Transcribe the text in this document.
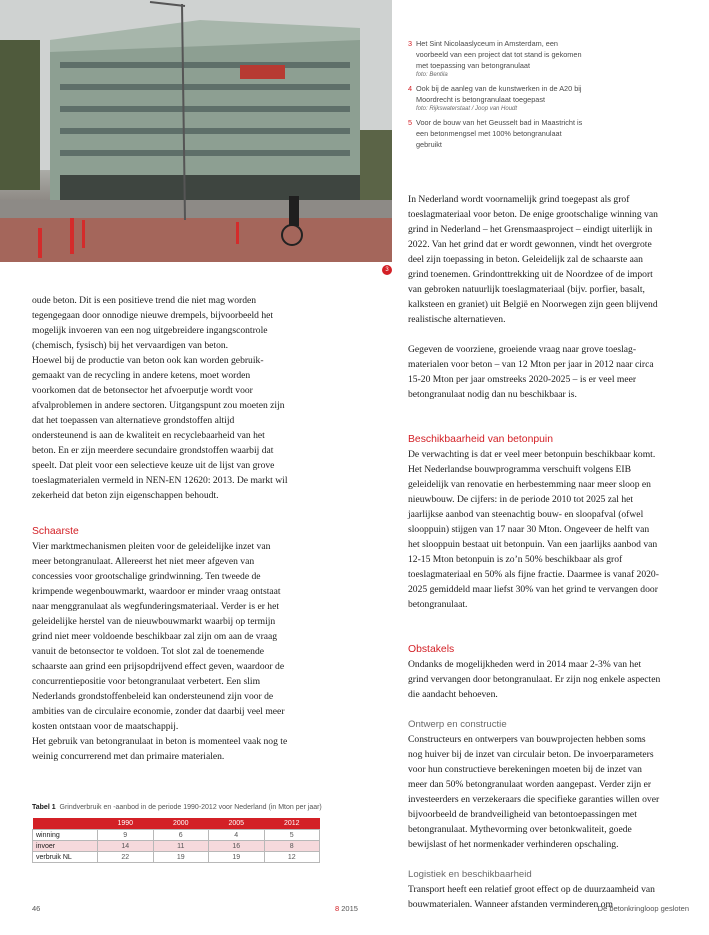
3
3 Het Sint Nicolaaslyceum in Amsterdam, een voorbeeld van een project dat tot stand is gekomen met toepassing van betongranulaat
foto: Bentila
4 Ook bij de aanleg van de kunstwerken in de A20 bij Moordrecht is betongranulaat toegepast
foto: Rijkswaterstaat / Joop van Houdt
5 Voor de bouw van het Geusselt bad in Maastricht is een betonmengsel met 100% betongranulaat gebruikt

oude beton. Dit is een positieve trend die niet mag worden tegengegaan door onnodige nieuwe drempels, bijvoorbeeld het mogelijk invoeren van een nog uitgebreidere ingangscontrole (chemisch, fysisch) bij het vervaardigen van beton.

Hoewel bij de productie van beton ook kan worden gebruikgemaakt van de recycling in andere ketens, moet worden voorkomen dat de betonsector het afvoerputje wordt voor afvalproblemen in andere sectoren. Uitgangspunt zou moeten zijn dat het toepassen van alternatieve grondstoffen altijd ondersteunend is aan de kwaliteit en recyclebaarheid van het beton. En er zijn meerdere secundaire grondstoffen waarbij dat speelt. Dat pleit voor een selectieve keuze uit de lijst van grove toeslagmaterialen vermeld in NEN-EN 12620: 2013. De markt wil zekerheid dat beton zijn eigenschappen behoudt.

Schaarste

Vier marktmechanismen pleiten voor de geleidelijke inzet van meer betongranulaat. Allereerst het niet meer afgeven van concessies voor grootschalige grindwinning. Ten tweede de krimpende wegenbouwmarkt, waardoor er minder vraag ontstaat naar menggranulaat als wegfunderingsmateriaal. Verder is er het geleidelijke herstel van de nieuwbouwmarkt waarbij op termijn grind niet meer voldoende beschikbaar zal zijn om aan de vraag vanuit de betonsector te voldoen. Tot slot zal de toenemende schaarste aan grind een prijsopdrijvend effect geven, waardoor de concurrentiepositie voor betongranulaat verbetert. Een slim Nederlands grondstoffenbeleid kan ondersteunend zijn voor de ambities van de circulaire economie, zonder dat daarbij veel meer kosten ontstaan voor de maatschappij.

Het gebruik van betongranulaat in beton is momenteel vaak nog te weinig concurrerend met dan primaire materialen.

In Nederland wordt voornamelijk grind toegepast als grof toeslagmateriaal voor beton. De enige grootschalige winning van grind in Nederland – het Grensmaasproject – eindigt uiterlijk in 2022. Van het grind dat er wordt gewonnen, vindt het overgrote deel zijn toepassing in beton. Geleidelijk zal de schaarste aan grind toenemen. Grindonttrekking uit de Noordzee of de import van gebroken natuurlijk toeslagmateriaal (bijv. porfier, basalt, kalksteen en graniet) uit België en Noorwegen zijn geen blijvend realistische alternatieven.

Gegeven de voorziene, groeiende vraag naar grove toeslagmaterialen voor beton – van 12 Mton per jaar in 2012 naar circa 15-20 Mton per jaar omstreeks 2020-2025 – is er veel meer betongranulaat nodig dan nu beschikbaar is.

Beschikbaarheid van betonpuin

De verwachting is dat er veel meer betonpuin beschikbaar komt. Het Nederlandse bouwprogramma verschuift volgens EIB geleidelijk van renovatie en herbestemming naar meer sloop en nieuwbouw. De cijfers: in de periode 2010 tot 2025 zal het jaarlijkse aanbod van steenachtig bouw- en sloopafval (ofwel slooppuin) stijgen van 17 naar 30 Mton. Ongeveer de helft van het slooppuin bestaat uit betonpuin. Van een jaarlijks aanbod van 12-15 Mton betonpuin is zo’n 50% beschikbaar als grof toeslagmateriaal en 50% als fijne fractie. Daarmee is vanaf 2020-2025 gemiddeld maar liefst 30% van het grind te vervangen door betongranulaat.

Obstakels

Ondanks de mogelijkheden werd in 2014 maar 2-3% van het grind vervangen door betongranulaat. Er zijn nog enkele aspecten die aandacht behoeven.

Ontwerp en constructie

Constructeurs en ontwerpers van bouwprojecten hebben soms nog huiver bij de inzet van circulair beton. De invoerparameters voor hun constructieve berekeningen moeten bij de inzet van meer dan 50% betongranulaat worden aangepast. Verder zijn er investeerders en verzekeraars die specifieke garanties willen over bijvoorbeeld de brandveiligheid van betontoepassingen met betongranulaat. Mythevorming over betonkwaliteit, goede bewijslast of het normenkader verhinderen opschaling.

Logistiek en beschikbaarheid

Transport heeft een relatief groot effect op de duurzaamheid van bouwmaterialen. Wanneer afstanden verminderen om

Tabel 1 Grindverbruik en -aanbod in de periode 1990-2012 voor Nederland (in Mton per jaar)
	1990	2000	2005	2012
winning	9	6	4	5
invoer	14	11	16	8
verbruik NL	22	19	19	12
46	8 2015	De betonkringloop gesloten
